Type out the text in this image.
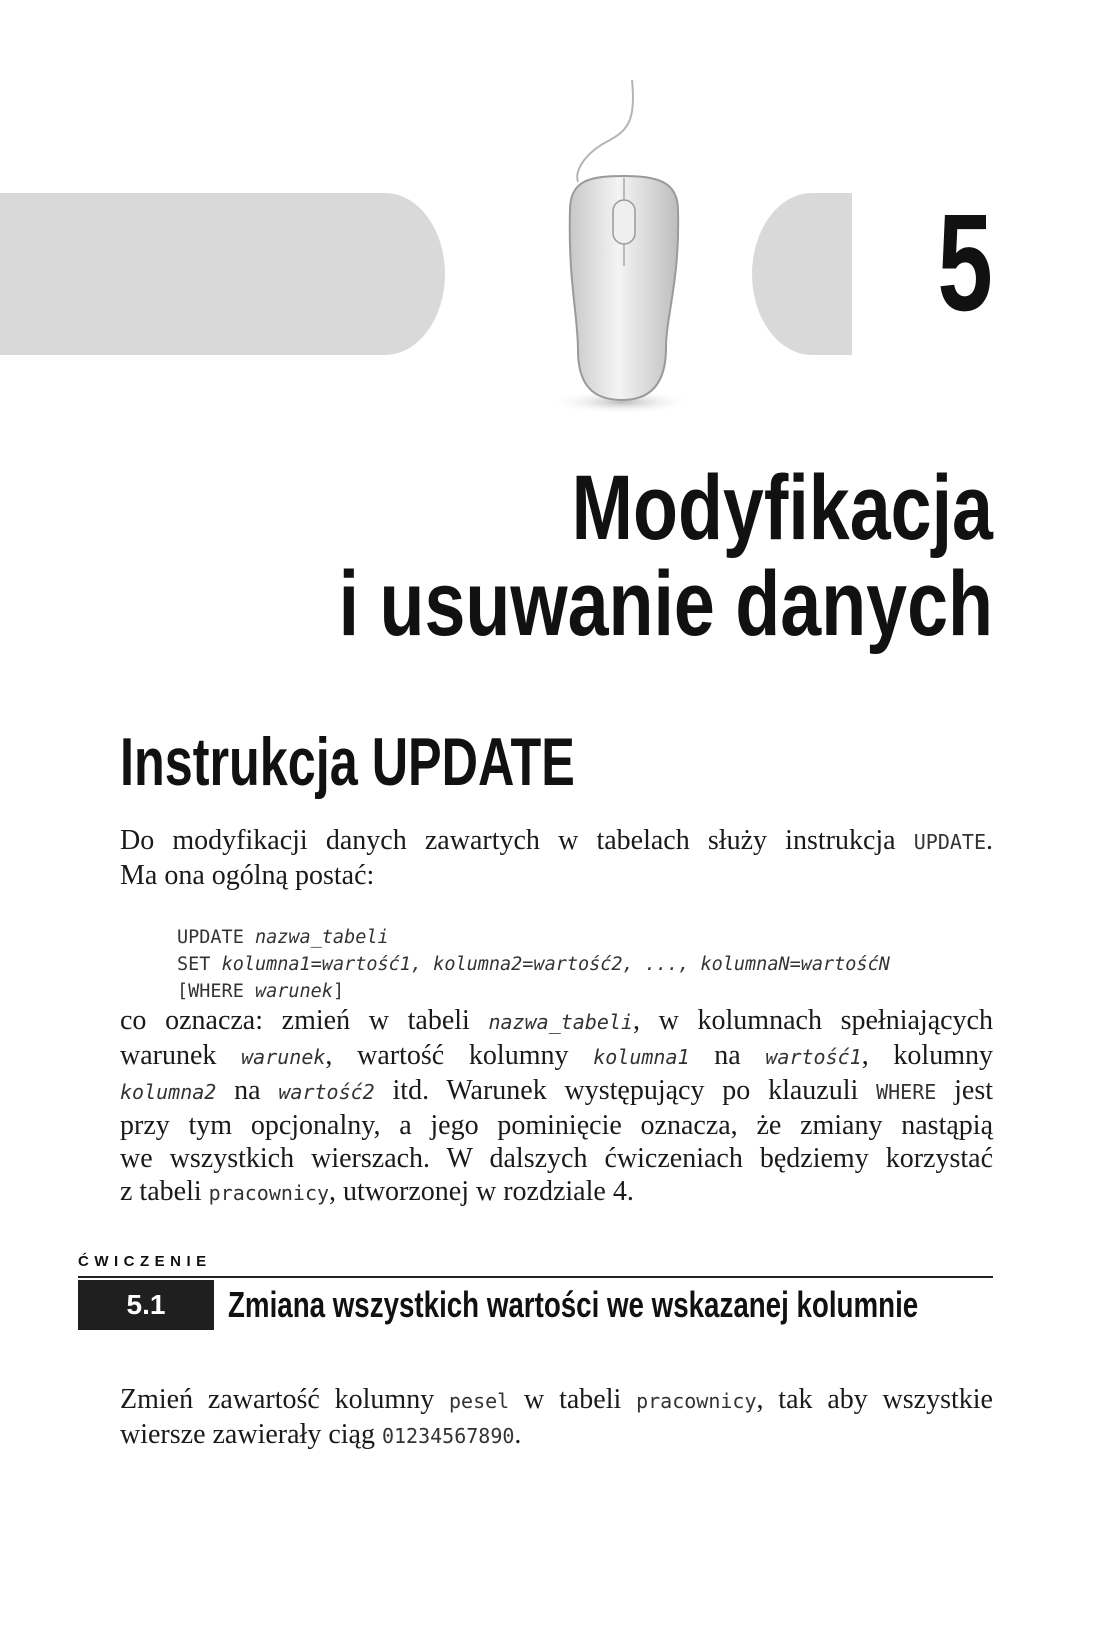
5
Modyfikacja
i usuwanie danych
Instrukcja UPDATE
Do modyfikacji danych zawartych w tabelach służy instrukcja UPDATE.
Ma ona ogólną postać:
UPDATE nazwa_tabeli
SET kolumna1=wartość1, kolumna2=wartość2, ..., kolumnaN=wartośćN
[WHERE warunek]
co oznacza: zmień w tabeli nazwa_tabeli, w kolumnach spełniających
warunek warunek, wartość kolumny kolumna1 na wartość1, kolumny
kolumna2 na wartość2 itd. Warunek występujący po klauzuli WHERE jest
przy tym opcjonalny, a jego pominięcie oznacza, że zmiany nastąpią
we wszystkich wierszach. W dalszych ćwiczeniach będziemy korzystać
z tabeli pracownicy, utworzonej w rozdziale 4.
ĆWICZENIE
5.1	Zmiana wszystkich wartości we wskazanej kolumnie
Zmień zawartość kolumny pesel w tabeli pracownicy, tak aby wszystkie
wiersze zawierały ciąg 01234567890.
